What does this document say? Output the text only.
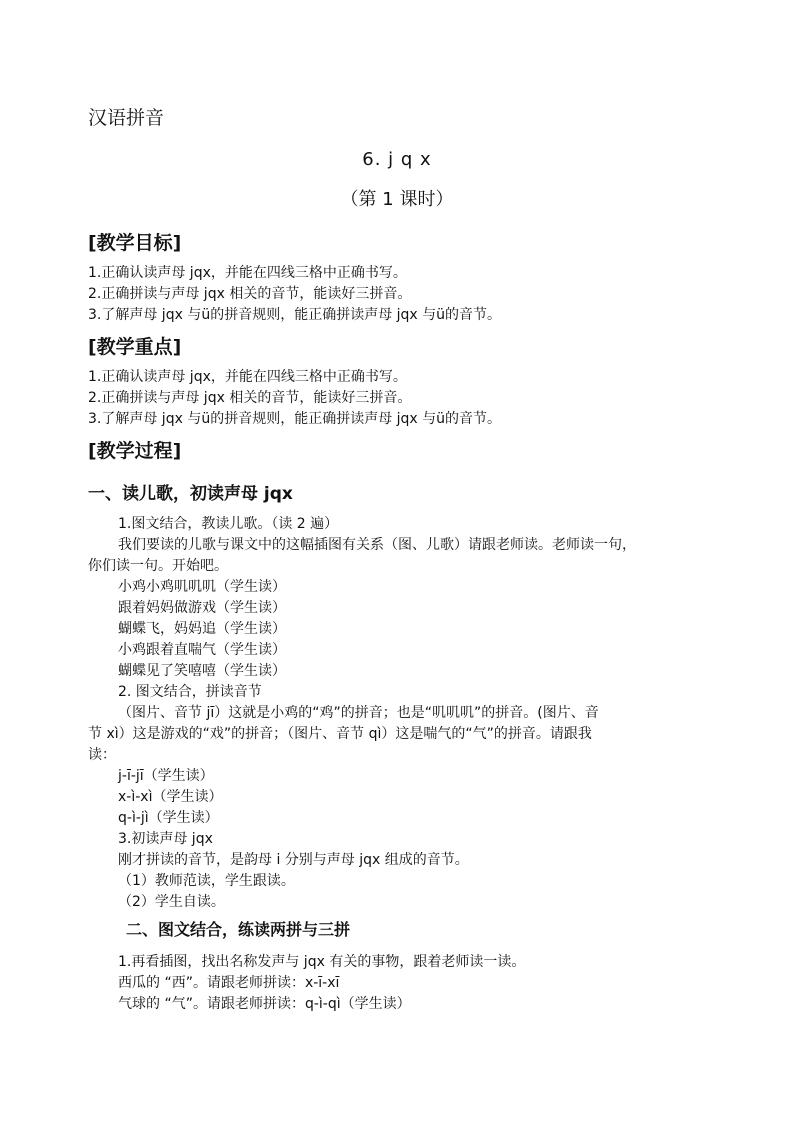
汉语拼音
6. j q x
（第 1 课时）
[教学目标]
1.正确认读声母 jqx，并能在四线三格中正确书写。
2.正确拼读与声母 jqx 相关的音节，能读好三拼音。
3.了解声母 jqx 与ü的拼音规则，能正确拼读声母 jqx 与ü的音节。
[教学重点]
1.正确认读声母 jqx，并能在四线三格中正确书写。
2.正确拼读与声母 jqx 相关的音节，能读好三拼音。
3.了解声母 jqx 与ü的拼音规则，能正确拼读声母 jqx 与ü的音节。
[教学过程]
一、读儿歌，初读声母 jqx
1.图文结合，教读儿歌。（读 2 遍）
我们要读的儿歌与课文中的这幅插图有关系（图、儿歌）请跟老师读。老师读一句，
你们读一句。开始吧。
小鸡小鸡叽叽叽（学生读）
跟着妈妈做游戏（学生读）
蝴蝶飞，妈妈追（学生读）
小鸡跟着直喘气（学生读）
蝴蝶见了笑嘻嘻（学生读）
2. 图文结合，拼读音节
（图片、音节 jī）这就是小鸡的“鸡”的拼音；也是“叽叽叽”的拼音。(图片、音
节 xì）这是游戏的“戏”的拼音；（图片、音节 qì）这是喘气的“气”的拼音。请跟我
读：
j-ī-jī（学生读）
x-ì-xì（学生读）
q-ì-jì（学生读）
3.初读声母 jqx
刚才拼读的音节，是韵母 i 分别与声母 jqx 组成的音节。
（1）教师范读，学生跟读。
（2）学生自读。
二、图文结合，练读两拼与三拼
1.再看插图，找出名称发声与 jqx 有关的事物，跟着老师读一读。
西瓜的 “西”。请跟老师拼读：x-ī-xī
气球的 “气”。请跟老师拼读：q-ì-qì（学生读）
